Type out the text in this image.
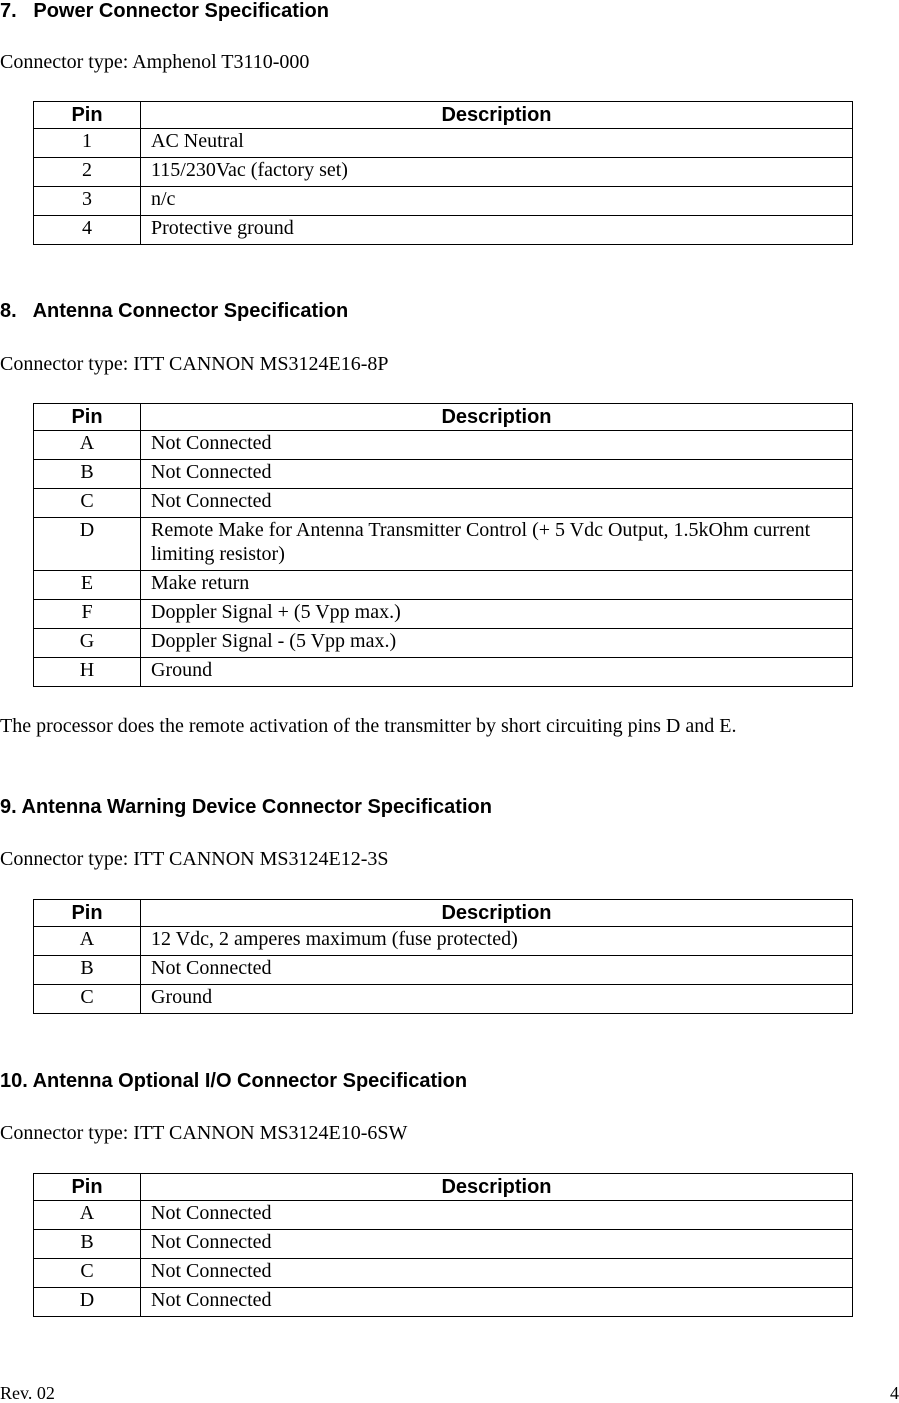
7.   Power Connector Specification
Connector type: Amphenol T3110-000
Pin	Description
1	AC Neutral
2	115/230Vac (factory set)
3	n/c
4	Protective ground
8.   Antenna Connector Specification
Connector type: ITT CANNON MS3124E16-8P
Pin	Description
A	Not Connected
B	Not Connected
C	Not Connected
D	Remote Make for Antenna Transmitter Control (+ 5 Vdc Output, 1.5kOhm current limiting resistor)
E	Make return
F	Doppler Signal + (5 Vpp max.)
G	Doppler Signal - (5 Vpp max.)
H	Ground
The processor does the remote activation of the transmitter by short circuiting pins D and E.
9. Antenna Warning Device Connector Specification
Connector type: ITT CANNON MS3124E12-3S
Pin	Description
A	12 Vdc, 2 amperes maximum (fuse protected)
B	Not Connected
C	Ground
10. Antenna Optional I/O Connector Specification
Connector type: ITT CANNON MS3124E10-6SW
Pin	Description
A	Not Connected
B	Not Connected
C	Not Connected
D	Not Connected
Rev. 02	4
